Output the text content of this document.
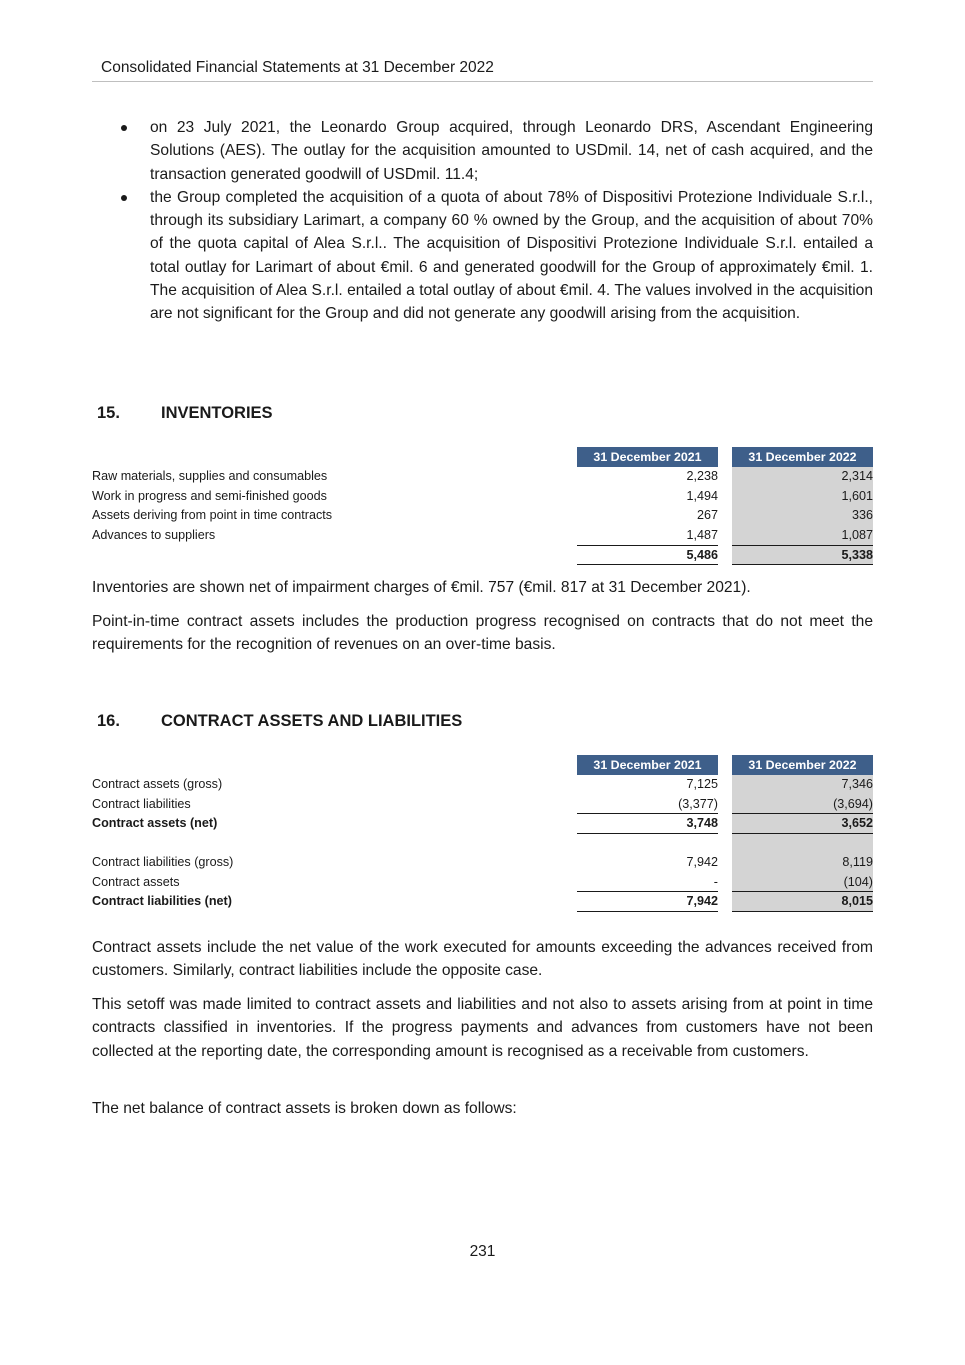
Consolidated Financial Statements at 31 December 2022
on 23 July 2021, the Leonardo Group acquired, through Leonardo DRS, Ascendant Engineering Solutions (AES). The outlay for the acquisition amounted to USDmil. 14, net of cash acquired, and the transaction generated goodwill of USDmil. 11.4;
the Group completed the acquisition of a quota of about 78% of Dispositivi Protezione Individuale S.r.l., through its subsidiary Larimart, a company 60 % owned by the Group, and the acquisition of about 70% of the quota capital of Alea S.r.l.. The acquisition of Dispositivi Protezione Individuale S.r.l. entailed a total outlay for Larimart of about €mil. 6 and generated goodwill for the Group of approximately €mil. 1. The acquisition of Alea S.r.l. entailed a total outlay of about €mil. 4. The values involved in the acquisition are not significant for the Group and did not generate any goodwill arising from the acquisition.
15. INVENTORIES
31 December 2021	31 December 2022
Raw materials, supplies and consumables	2,238	2,314
Work in progress and semi-finished goods	1,494	1,601
Assets deriving from point in time contracts	267	336
Advances to suppliers	1,487	1,087
5,486	5,338

Inventories are shown net of impairment charges of €mil. 757 (€mil. 817 at 31 December 2021).

Point-in-time contract assets includes the production progress recognised on contracts that do not meet the requirements for the recognition of revenues on an over-time basis.

16. CONTRACT ASSETS AND LIABILITIES
31 December 2021	31 December 2022
Contract assets (gross)	7,125	7,346
Contract liabilities	(3,377)	(3,694)
Contract assets (net)	3,748	3,652
Contract liabilities (gross)	7,942	8,119
Contract assets	-	(104)
Contract liabilities (net)	7,942	8,015

Contract assets include the net value of the work executed for amounts exceeding the advances received from customers. Similarly, contract liabilities include the opposite case.

This setoff was made limited to contract assets and liabilities and not also to assets arising from at point in time contracts classified in inventories. If the progress payments and advances from customers have not been collected at the reporting date, the corresponding amount is recognised as a receivable from customers.

The net balance of contract assets is broken down as follows:

231
